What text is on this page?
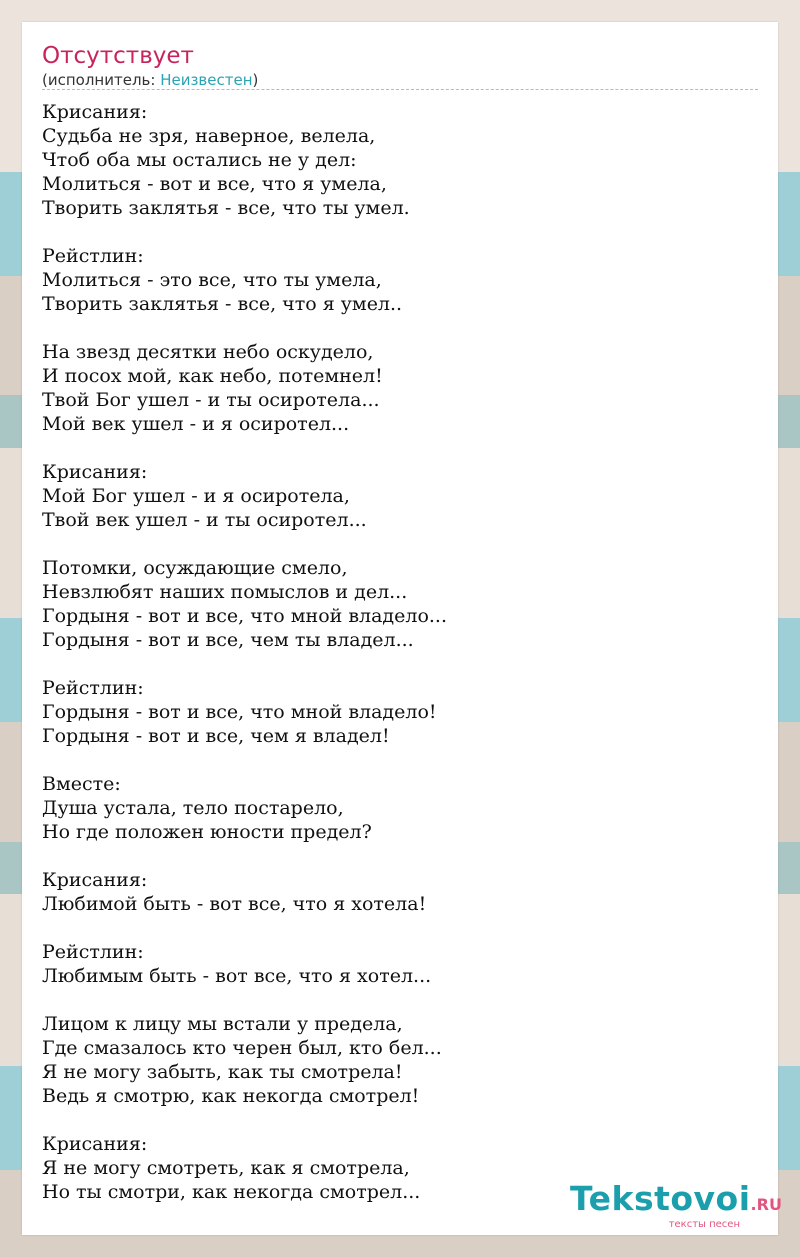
Отсутствует
(исполнитель: Неизвестен)
Крисания:
Судьба не зря, наверное, велела,
Чтоб оба мы остались не у дел:
Молиться - вот и все, что я умела,
Творить заклятья - все, что ты умел.
Рейстлин:
Молиться - это все, что ты умела,
Творить заклятья - все, что я умел..
На звезд десятки небо оскудело,
И посох мой, как небо, потемнел!
Твой Бог ушел - и ты осиротела...
Мой век ушел - и я осиротел...
Крисания:
Мой Бог ушел - и я осиротела,
Твой век ушел - и ты осиротел...
Потомки, осуждающие смело,
Невзлюбят наших помыслов и дел...
Гордыня - вот и все, что мной владело...
Гордыня - вот и все, чем ты владел...
Рейстлин:
Гордыня - вот и все, что мной владело!
Гордыня - вот и все, чем я владел!
Вместе:
Душа устала, тело постарело,
Но где положен юности предел?
Крисания:
Любимой быть - вот все, что я хотела!
Рейстлин:
Любимым быть - вот все, что я хотел...
Лицом к лицу мы встали у предела,
Где смазалось кто черен был, кто бел...
Я не могу забыть, как ты смотрела!
Ведь я смотрю, как некогда смотрел!
Крисания:
Я не могу смотреть, как я смотрела,
Но ты смотри, как некогда смотрел...	Tekstovoi.RU
тексты песен
